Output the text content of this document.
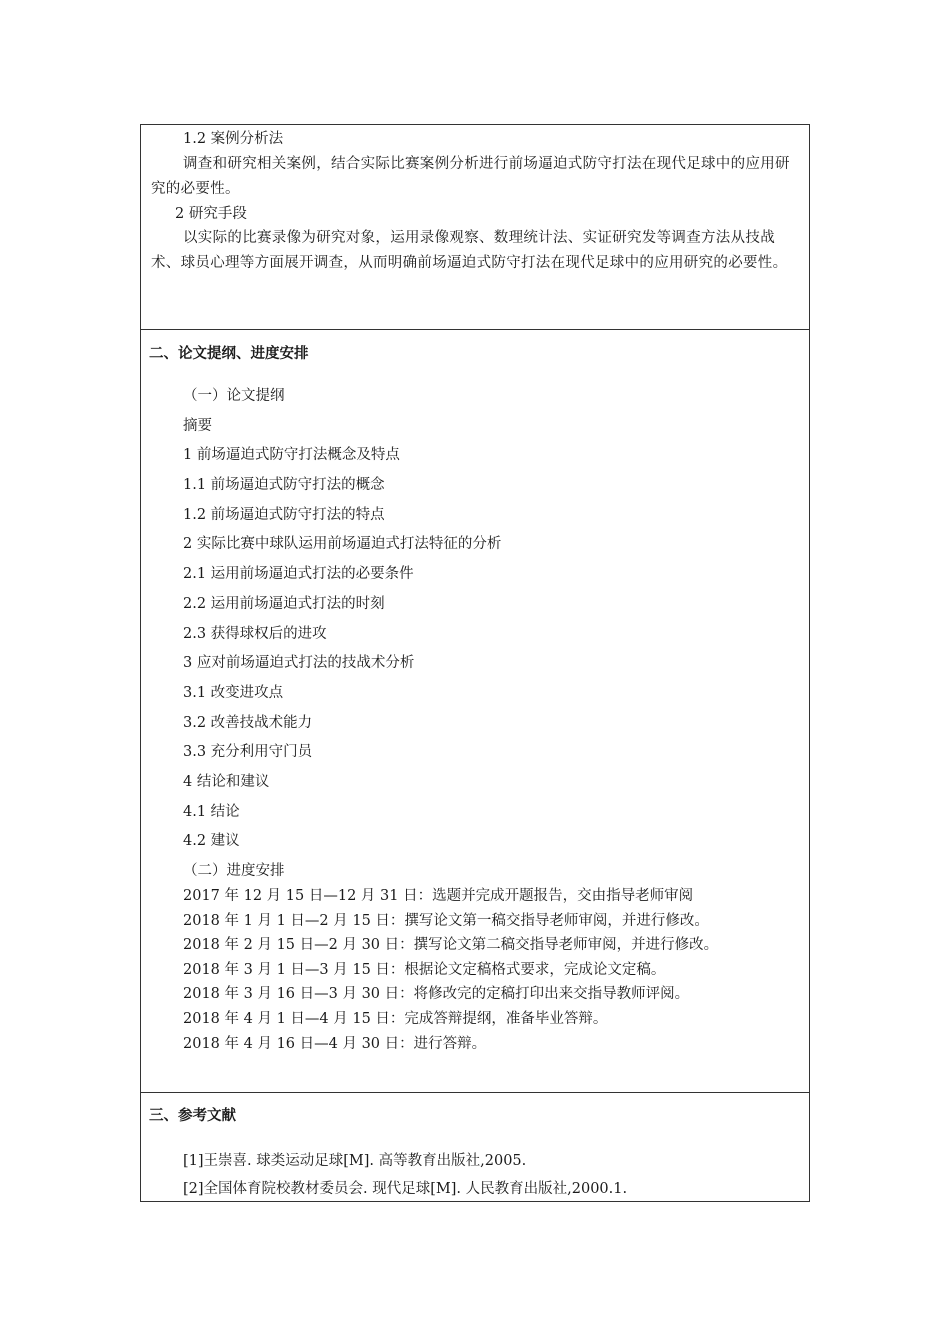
1.2 案例分析法
调查和研究相关案例，结合实际比赛案例分析进行前场逼迫式防守打法在现代足球中的应用研究的必要性。
2 研究手段
以实际的比赛录像为研究对象，运用录像观察、数理统计法、实证研究发等调查方法从技战术、球员心理等方面展开调查，从而明确前场逼迫式防守打法在现代足球中的应用研究的必要性。
二、论文提纲、进度安排
（一）论文提纲
摘要
1 前场逼迫式防守打法概念及特点
1.1 前场逼迫式防守打法的概念
1.2 前场逼迫式防守打法的特点
2 实际比赛中球队运用前场逼迫式打法特征的分析
2.1 运用前场逼迫式打法的必要条件
2.2 运用前场逼迫式打法的时刻
2.3 获得球权后的进攻
3 应对前场逼迫式打法的技战术分析
3.1 改变进攻点
3.2 改善技战术能力
3.3 充分利用守门员
4 结论和建议
4.1 结论
4.2 建议
（二）进度安排
2017 年 12 月 15 日—12 月 31 日：选题并完成开题报告，交由指导老师审阅
2018 年 1 月 1 日—2 月 15 日：撰写论文第一稿交指导老师审阅，并进行修改。
2018 年 2 月 15 日—2 月 30 日：撰写论文第二稿交指导老师审阅，并进行修改。
2018 年 3 月 1 日—3 月 15 日：根据论文定稿格式要求，完成论文定稿。
2018 年 3 月 16 日—3 月 30 日：将修改完的定稿打印出来交指导教师评阅。
2018 年 4 月 1 日—4 月 15 日：完成答辩提纲，准备毕业答辩。
2018 年 4 月 16 日—4 月 30 日：进行答辩。
三、参考文献
[1]王崇喜. 球类运动足球[M]. 高等教育出版社,2005.
[2]全国体育院校教材委员会. 现代足球[M]. 人民教育出版社,2000.1.
